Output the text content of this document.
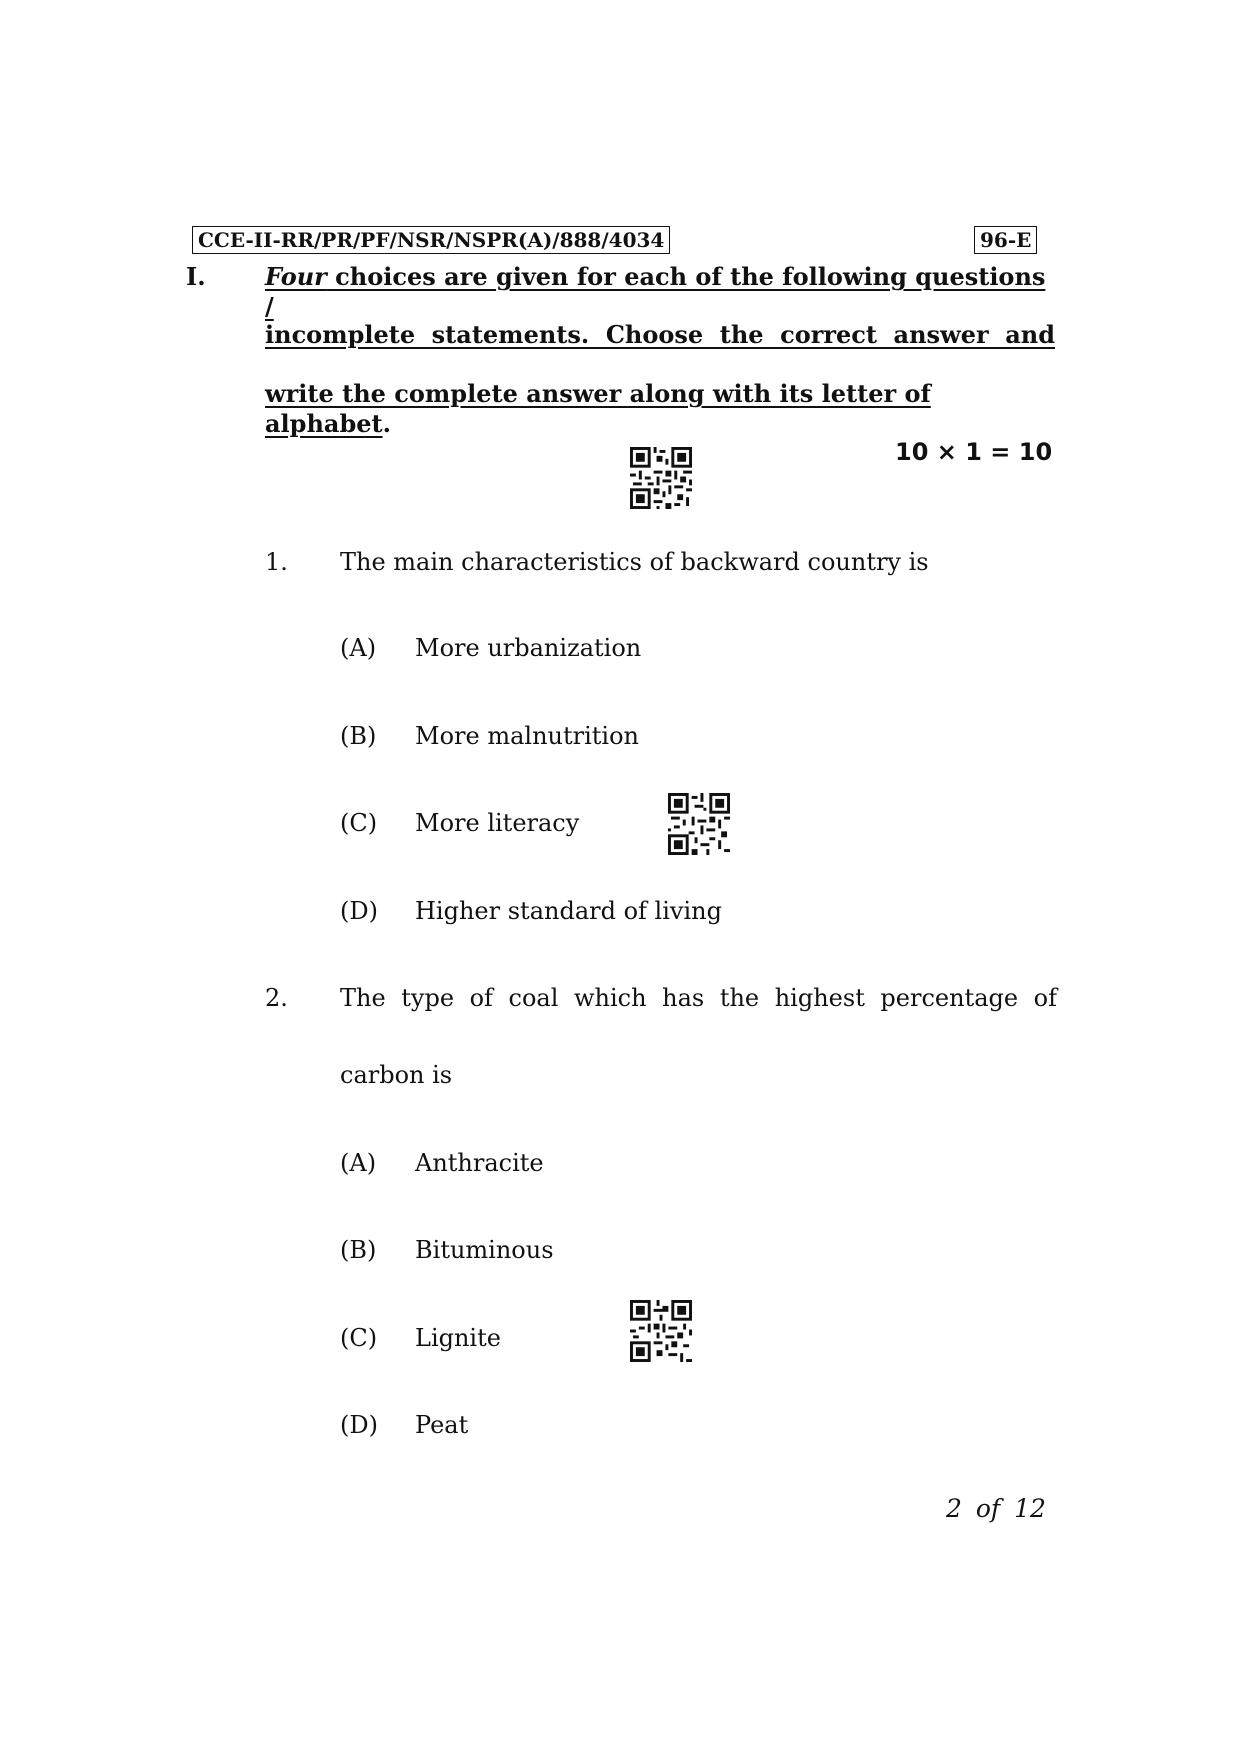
CCE-II-RR/PR/PF/NSR/NSPR(A)/888/4034	96-E
I. Four choices are given for each of the following questions /
incomplete statements. Choose the correct answer and
write the complete answer along with its letter of alphabet.
10 × 1 = 10
1. The main characteristics of backward country is
(A) More urbanization
(B) More malnutrition
(C) More literacy
(D) Higher standard of living
2. The type of coal which has the highest percentage of
carbon is
(A) Anthracite
(B) Bituminous
(C) Lignite
(D) Peat
2 of 12
